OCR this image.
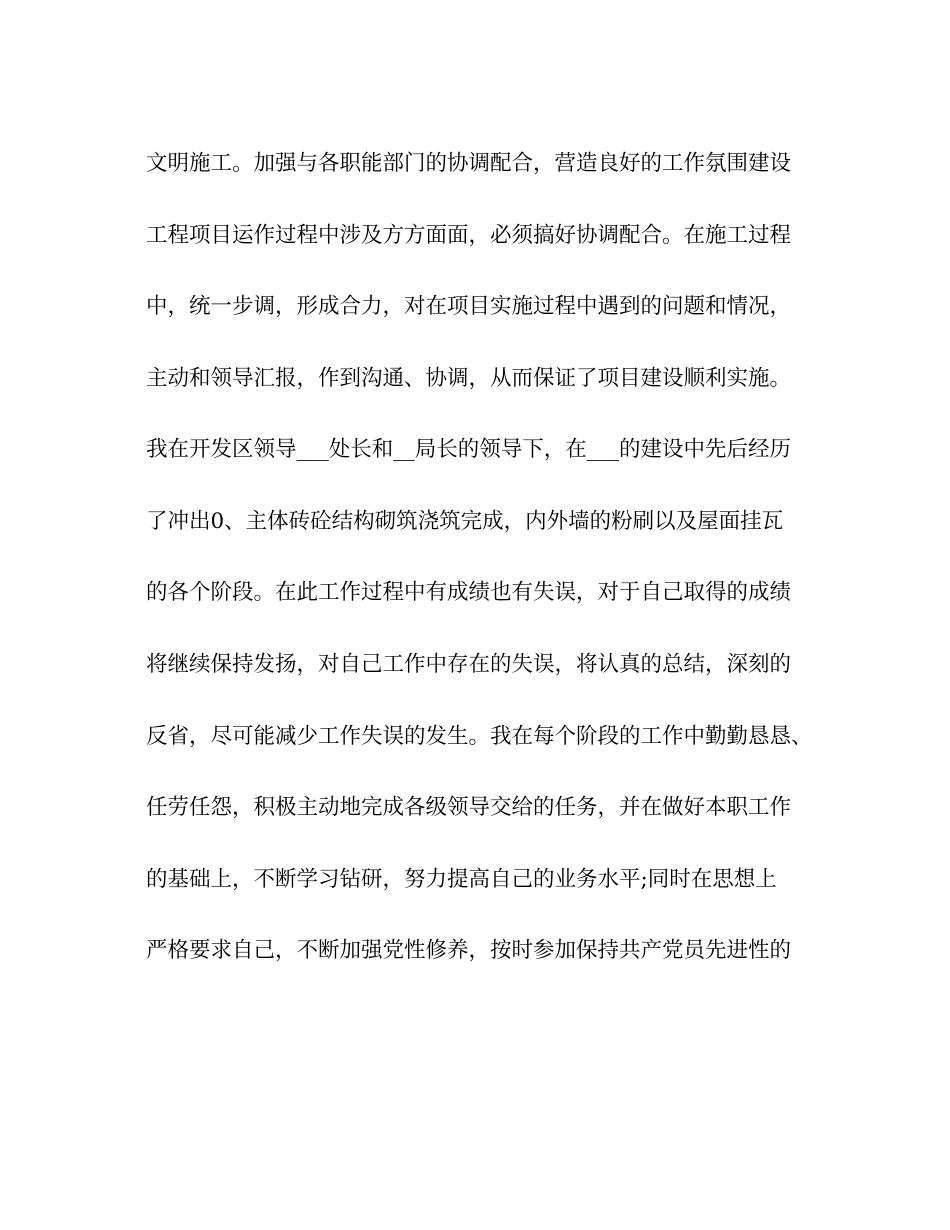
文明施工。加强与各职能部门的协调配合，营造良好的工作氛围建设
工程项目运作过程中涉及方方面面，必须搞好协调配合。在施工过程
中，统一步调，形成合力，对在项目实施过程中遇到的问题和情况，
主动和领导汇报，作到沟通、协调，从而保证了项目建设顺利实施。
我在开发区领导___处长和__局长的领导下，在___的建设中先后经历
了冲出0、主体砖砼结构砌筑浇筑完成，内外墙的粉刷以及屋面挂瓦
的各个阶段。在此工作过程中有成绩也有失误，对于自己取得的成绩
将继续保持发扬，对自己工作中存在的失误，将认真的总结，深刻的
反省，尽可能减少工作失误的发生。我在每个阶段的工作中勤勤恳恳、
任劳任怨，积极主动地完成各级领导交给的任务，并在做好本职工作
的基础上，不断学习钻研，努力提高自己的业务水平;同时在思想上
严格要求自己，不断加强党性修养，按时参加保持共产党员先进性的
